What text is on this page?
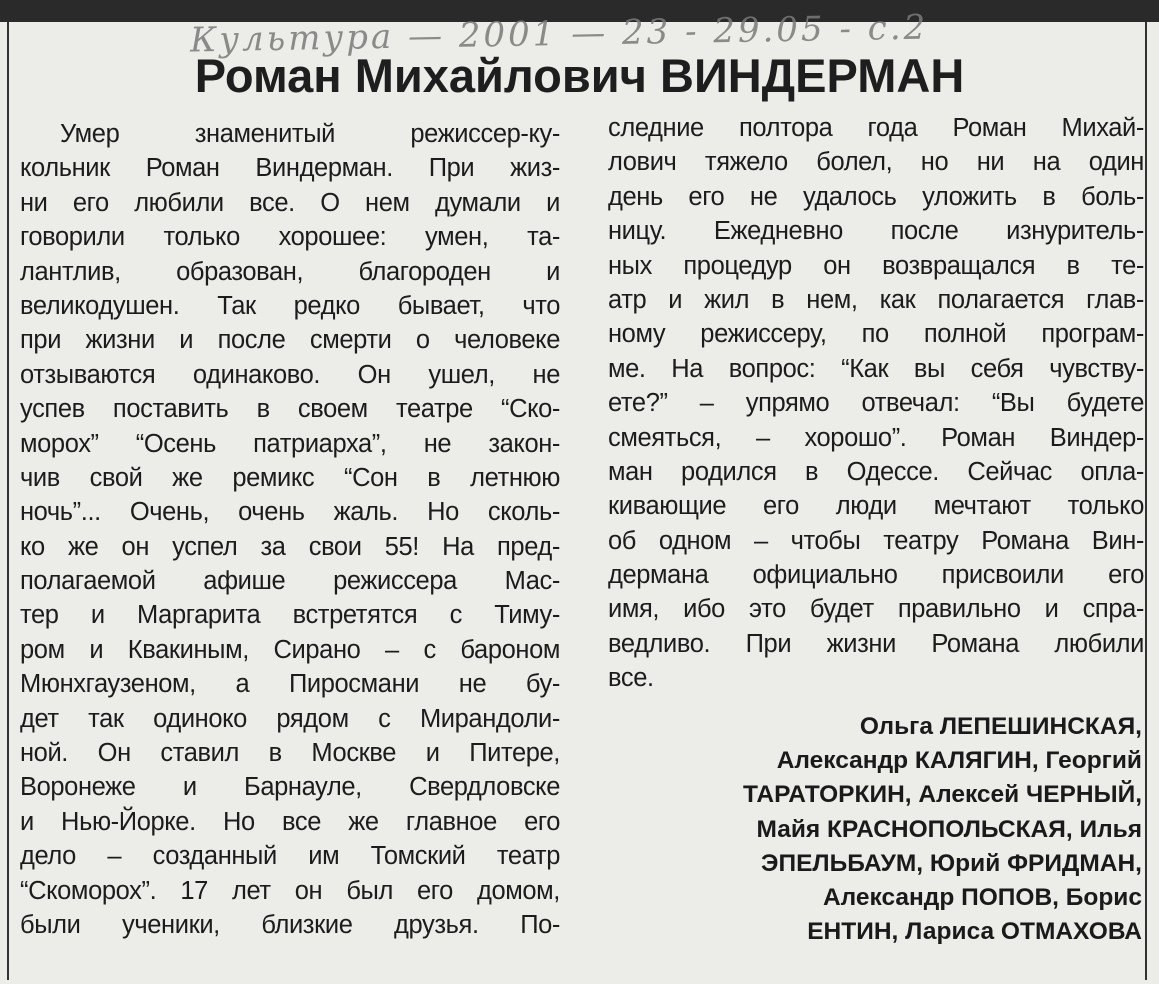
Культура — 2001 — 23 - 29.05 - с.2
Роман Михайлович ВИНДЕРМАН
Умер знаменитый режиссер-ку-
кольник Роман Виндерман. При жиз-
ни его любили все. О нем думали и
говорили только хорошее: умен, та-
лантлив, образован, благороден и
великодушен. Так редко бывает, что
при жизни и после смерти о человеке
отзываются одинаково. Он ушел, не
успев поставить в своем театре “Ско-
морох” “Осень патриарха”, не закон-
чив свой же ремикс “Сон в летнюю
ночь”... Очень, очень жаль. Но сколь-
ко же он успел за свои 55! На пред-
полагаемой афише режиссера Мас-
тер и Маргарита встретятся с Тиму-
ром и Квакиным, Сирано – с бароном
Мюнхгаузеном, а Пиросмани не бу-
дет так одиноко рядом с Мирандоли-
ной. Он ставил в Москве и Питере,
Воронеже и Барнауле, Свердловске
и Нью-Йорке. Но все же главное его
дело – созданный им Томский театр
“Скоморох”. 17 лет он был его домом,
были ученики, близкие друзья. По-
следние полтора года Роман Михай-
лович тяжело болел, но ни на один
день его не удалось уложить в боль-
ницу. Ежедневно после изнуритель-
ных процедур он возвращался в те-
атр и жил в нем, как полагается глав-
ному режиссеру, по полной програм-
ме. На вопрос: “Как вы себя чувству-
ете?” – упрямо отвечал: “Вы будете
смеяться, – хорошо”. Роман Виндер-
ман родился в Одессе. Сейчас опла-
кивающие его люди мечтают только
об одном – чтобы театру Романа Вин-
дермана официально присвоили его
имя, ибо это будет правильно и спра-
ведливо. При жизни Романа любили
все.
Ольга ЛЕПЕШИНСКАЯ,
Александр КАЛЯГИН, Георгий
ТАРАТОРКИН, Алексей ЧЕРНЫЙ,
Майя КРАСНОПОЛЬСКАЯ, Илья
ЭПЕЛЬБАУМ, Юрий ФРИДМАН,
Александр ПОПОВ, Борис
ЕНТИН, Лариса ОТМАХОВА
